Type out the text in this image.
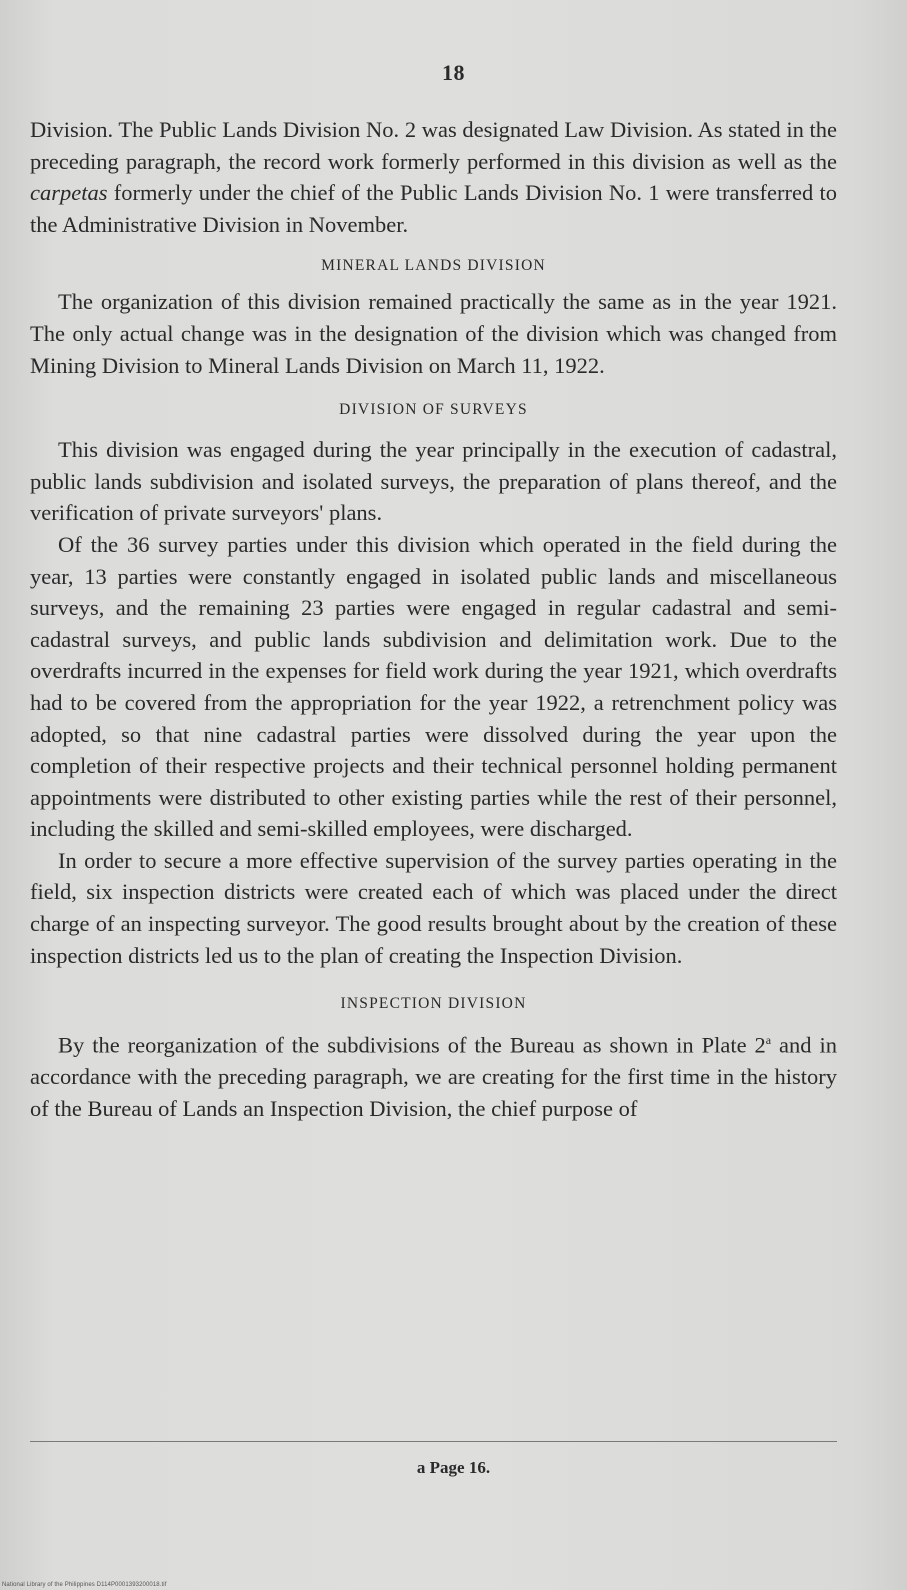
18

Division. The Public Lands Division No. 2 was designated Law Division. As stated in the preceding paragraph, the record work formerly performed in this division as well as the carpetas formerly under the chief of the Public Lands Division No. 1 were transferred to the Administrative Division in November.

MINERAL LANDS DIVISION

The organization of this division remained practically the same as in the year 1921. The only actual change was in the designation of the division which was changed from Mining Division to Mineral Lands Division on March 11, 1922.

DIVISION OF SURVEYS

This division was engaged during the year principally in the execution of cadastral, public lands subdivision and isolated surveys, the preparation of plans thereof, and the verification of private surveyors' plans.

Of the 36 survey parties under this division which operated in the field during the year, 13 parties were constantly engaged in isolated public lands and miscellaneous surveys, and the remaining 23 parties were engaged in regular cadastral and semi-cadastral surveys, and public lands subdivision and delimitation work. Due to the overdrafts incurred in the expenses for field work during the year 1921, which overdrafts had to be covered from the appropriation for the year 1922, a retrenchment policy was adopted, so that nine cadastral parties were dissolved during the year upon the completion of their respective projects and their technical personnel holding permanent appointments were distributed to other existing parties while the rest of their personnel, including the skilled and semi-skilled employees, were discharged.

In order to secure a more effective supervision of the survey parties operating in the field, six inspection districts were created each of which was placed under the direct charge of an inspecting surveyor. The good results brought about by the creation of these inspection districts led us to the plan of creating the Inspection Division.

INSPECTION DIVISION

By the reorganization of the subdivisions of the Bureau as shown in Plate 2$^a$ and in accordance with the preceding paragraph, we are creating for the first time in the history of the Bureau of Lands an Inspection Division, the chief purpose of

a Page 16.
National Library of the Philippines D114P0001393200018.tif
